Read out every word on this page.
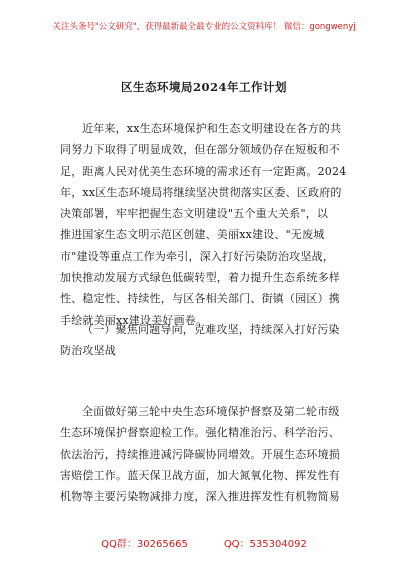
关注头条号"公文研究"，获得最新最全最专业的公文资料库！ 微信：gongwenyj
区生态环境局2024年工作计划
近年来，xx生态环境保护和生态文明建设在各方的共
同努力下取得了明显成效，但在部分领域仍存在短板和不
足，距离人民对优美生态环境的需求还有一定距离。2024
年，xx区生态环境局将继续坚决贯彻落实区委、区政府的
决策部署，牢牢把握生态文明建设"五个重大关系"，以
推进国家生态文明示范区创建、美丽xx建设、"无废城
市"建设等重点工作为牵引，深入打好污染防治攻坚战，
加快推动发展方式绿色低碳转型，着力提升生态系统多样
性、稳定性、持续性，与区各相关部门、街镇（园区）携
手绘就美丽xx建设美好画卷。
（一）聚焦问题导向，克难攻坚，持续深入打好污染
防治攻坚战
全面做好第三轮中央生态环境保护督察及第二轮市级
生态环境保护督察迎检工作。强化精准治污、科学治污、
依法治污，持续推进减污降碳协同增效。开展生态环境损
害赔偿工作。蓝天保卫战方面，加大氮氧化物、挥发性有
机物等主要污染物减排力度，深入推进挥发性有机物简易
QQ群：30265665	QQ：535304092
